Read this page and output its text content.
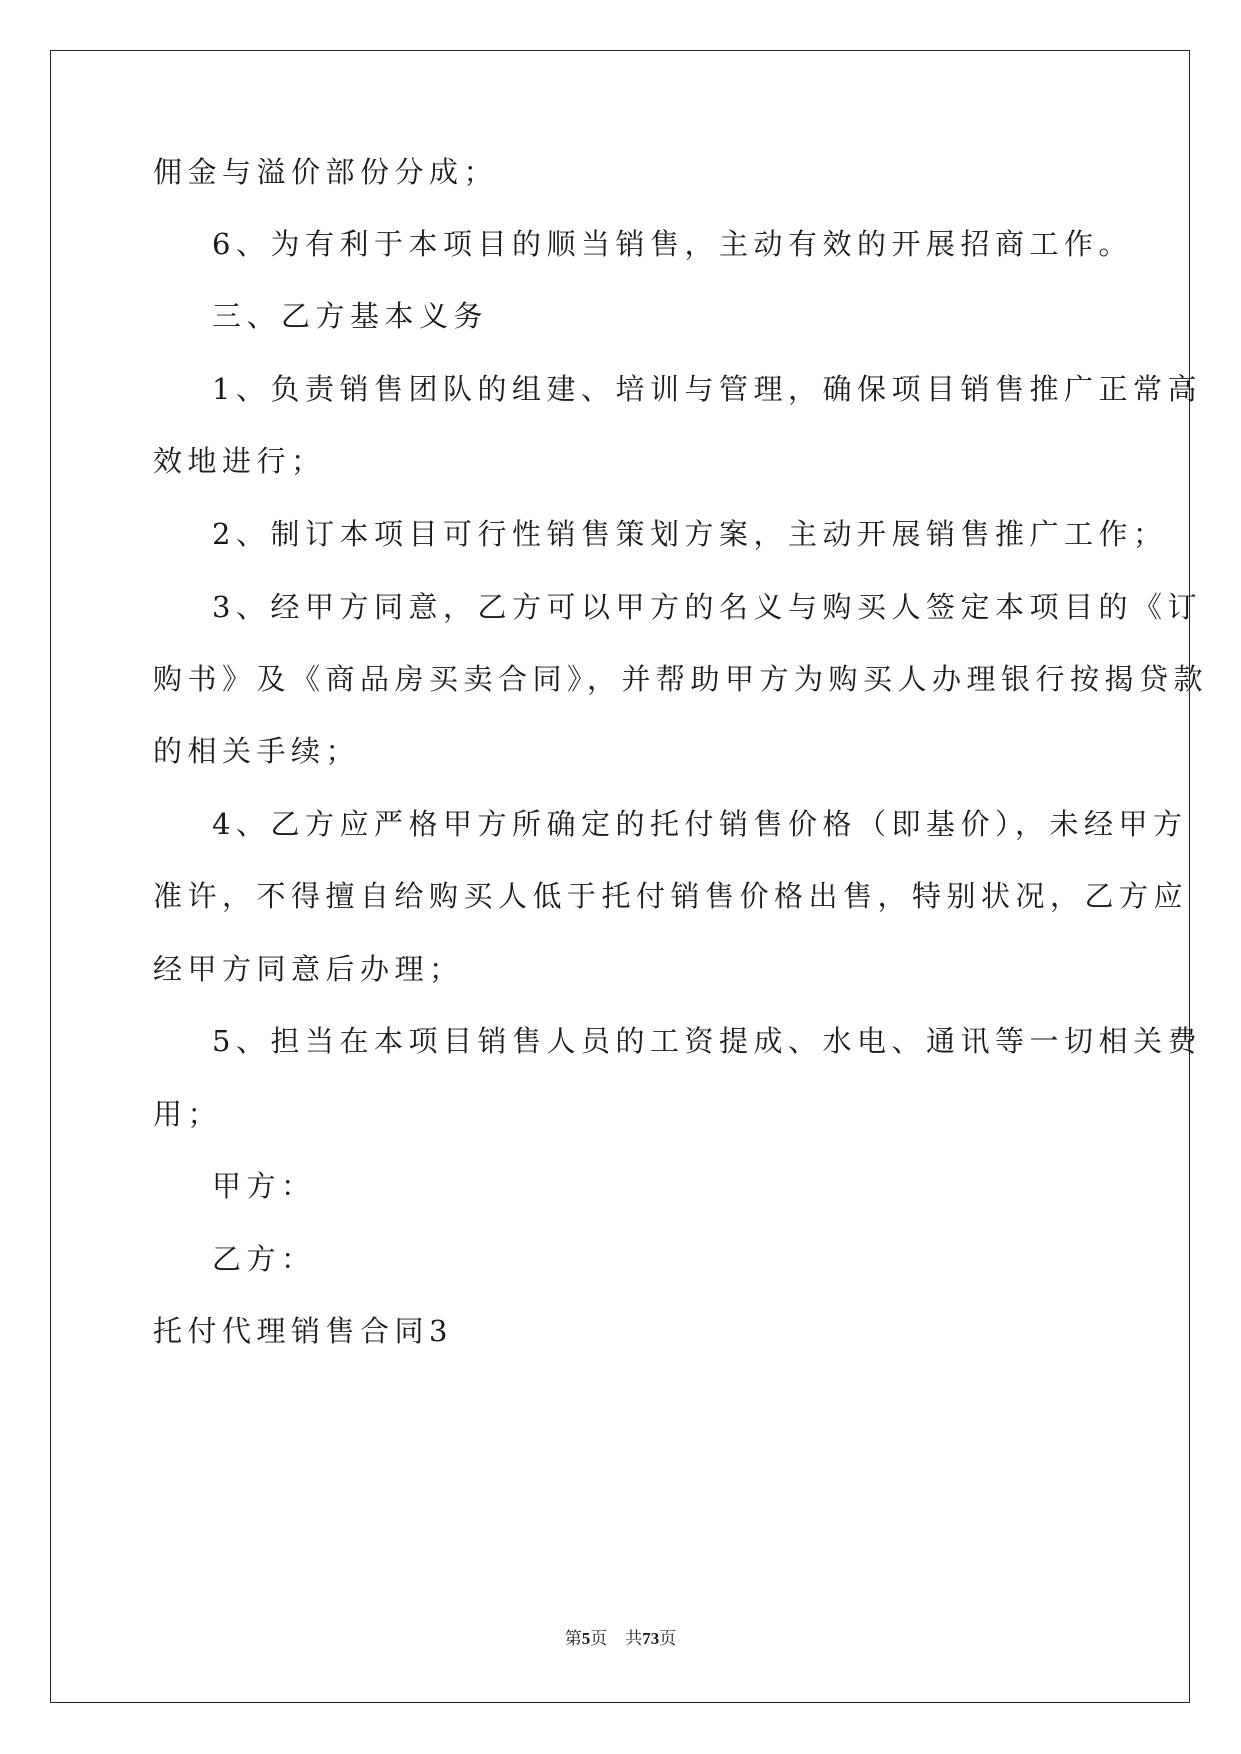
佣金与溢价部份分成；
6、为有利于本项目的顺当销售，主动有效的开展招商工作。
三、乙方基本义务
1、负责销售团队的组建、培训与管理，确保项目销售推广正常高
效地进行；
2、制订本项目可行性销售策划方案，主动开展销售推广工作；
3、经甲方同意，乙方可以甲方的名义与购买人签定本项目的《订
购书》及《商品房买卖合同》，并帮助甲方为购买人办理银行按揭贷款
的相关手续；
4、乙方应严格甲方所确定的托付销售价格（即基价），未经甲方
准许，不得擅自给购买人低于托付销售价格出售，特别状况，乙方应
经甲方同意后办理；
5、担当在本项目销售人员的工资提成、水电、通讯等一切相关费
用；
甲方：
乙方：
托付代理销售合同3
第5页 共73页
